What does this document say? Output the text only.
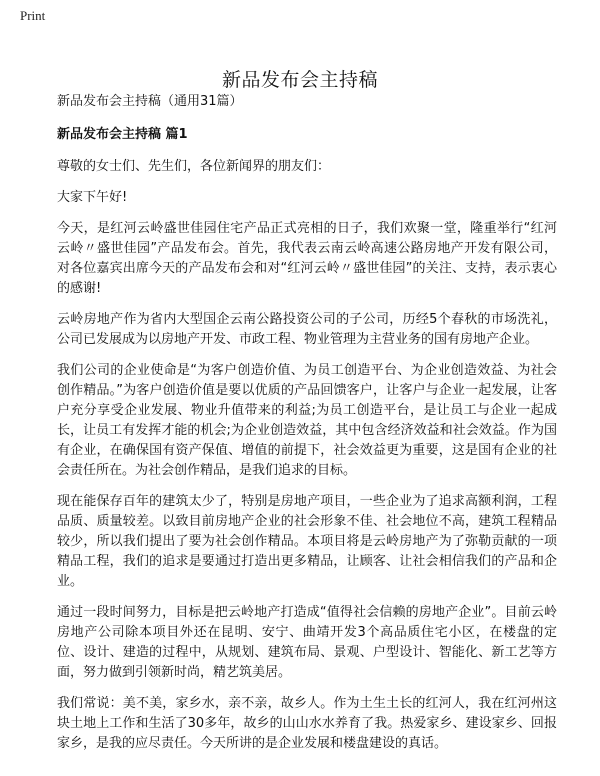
Print
新品发布会主持稿

新品发布会主持稿（通用31篇）

新品发布会主持稿 篇1

尊敬的女士们、先生们，各位新闻界的朋友们：

大家下午好!

今天，是红河云岭盛世佳园住宅产品正式亮相的日子，我们欢聚一堂，隆重举行“红河云岭〃盛世佳园”产品发布会。首先，我代表云南云岭高速公路房地产开发有限公司，对各位嘉宾出席今天的产品发布会和对“红河云岭〃盛世佳园”的关注、支持，表示衷心的感谢!

云岭房地产作为省内大型国企云南公路投资公司的子公司，历经5个春秋的市场洗礼，公司已发展成为以房地产开发、市政工程、物业管理为主营业务的国有房地产企业。

我们公司的企业使命是“为客户创造价值、为员工创造平台、为企业创造效益、为社会创作精品。”为客户创造价值是要以优质的产品回馈客户，让客户与企业一起发展，让客户充分享受企业发展、物业升值带来的利益;为员工创造平台，是让员工与企业一起成长，让员工有发挥才能的机会;为企业创造效益，其中包含经济效益和社会效益。作为国有企业，在确保国有资产保值、增值的前提下，社会效益更为重要，这是国有企业的社会责任所在。为社会创作精品，是我们追求的目标。

现在能保存百年的建筑太少了，特别是房地产项目，一些企业为了追求高额利润，工程品质、质量较差。以致目前房地产企业的社会形象不佳、社会地位不高，建筑工程精品较少，所以我们提出了要为社会创作精品。本项目将是云岭房地产为了弥勒贡献的一项精品工程，我们的追求是要通过打造出更多精品，让顾客、让社会相信我们的产品和企业。

通过一段时间努力，目标是把云岭地产打造成“值得社会信赖的房地产企业”。目前云岭房地产公司除本项目外还在昆明、安宁、曲靖开发3个高品质住宅小区，在楼盘的定位、设计、建造的过程中，从规划、建筑布局、景观、户型设计、智能化、新工艺等方面，努力做到引领新时尚，精艺筑美居。

我们常说：美不美，家乡水，亲不亲，故乡人。作为土生土长的红河人，我在红河州这块土地上工作和生活了30多年，故乡的山山水水养育了我。热爱家乡、建设家乡、回报家乡，是我的应尽责任。今天所讲的是企业发展和楼盘建设的真话。
